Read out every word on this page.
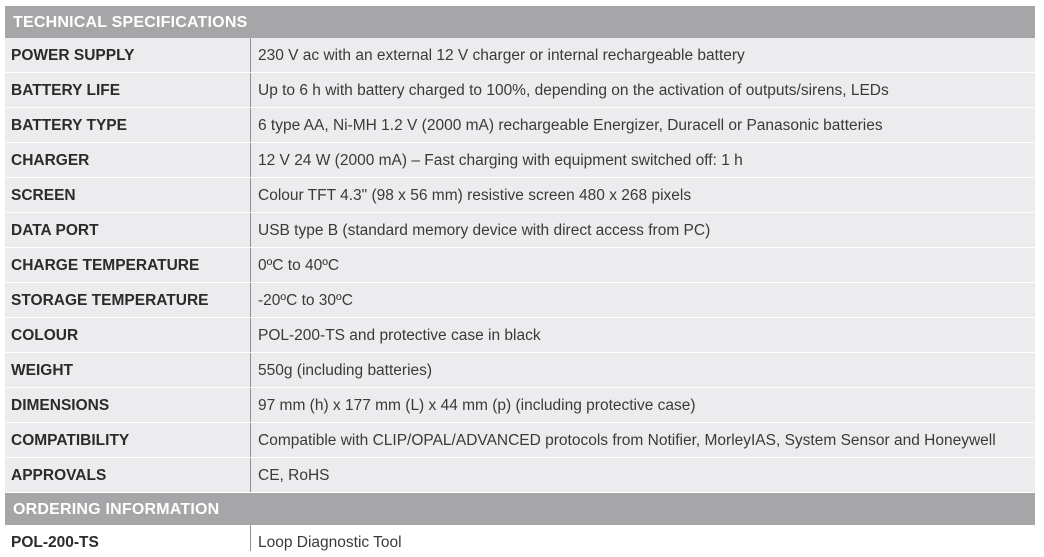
TECHNICAL SPECIFICATIONS
POWER SUPPLY	230 V ac with an external 12 V charger or internal rechargeable battery
BATTERY LIFE	Up to 6 h with battery charged to 100%, depending on the activation of outputs/sirens, LEDs
BATTERY TYPE	6 type AA, Ni-MH 1.2 V (2000 mA) rechargeable Energizer, Duracell or Panasonic batteries
CHARGER	12 V 24 W (2000 mA) – Fast charging with equipment switched off: 1 h
SCREEN	Colour TFT 4.3" (98 x 56 mm) resistive screen 480 x 268 pixels
DATA PORT	USB type B (standard memory device with direct access from PC)
CHARGE TEMPERATURE	0ºC to 40ºC
STORAGE TEMPERATURE	-20ºC to 30ºC
COLOUR	POL-200-TS and protective case in black
WEIGHT	550g (including batteries)
DIMENSIONS	97 mm (h) x 177 mm (L) x 44 mm (p) (including protective case)
COMPATIBILITY	Compatible with CLIP/OPAL/ADVANCED protocols from Notifier, MorleyIAS, System Sensor and Honeywell
APPROVALS	CE, RoHS
ORDERING INFORMATION
POL-200-TS	Loop Diagnostic Tool
